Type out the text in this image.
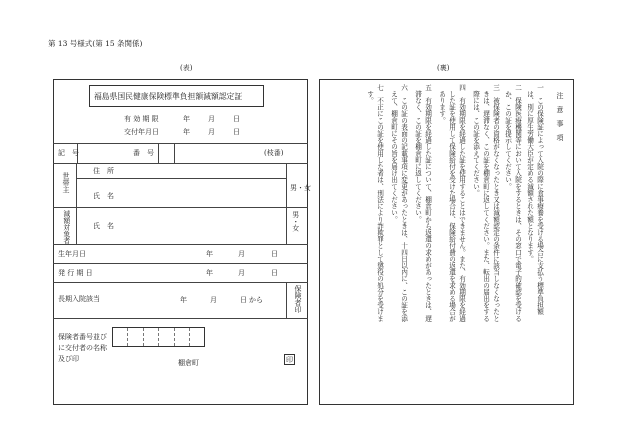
第 13 号様式(第 15 条関係)
(表)	(裏)
福島県国民健康保険標準負担額減額認定証
有 効 期 限	年	月	日
交付年月日	年	月	日
記　号	番　号	(枝番)
世帯主
住　所
氏　名
男・女
減額対象者	氏　名	男・女
生年月日	年	月	日
発 行 期 日	年	月	日
長期入院該当	年	月	日 から	保険者印
保険者番号並びに交付者の名称及び印
棚倉町	印
注　意　事　項
一　この保険証によって入院の際に食事療養を受ける場合に支払う標準負担額
　は、別に厚生労働大臣が定める減額された額となります。
二　保険医療機関等において入院をするときは、その窓口で電子的確認を受ける
　か、この証を提示してください。
三　被保険者の資格がなくなったとき又は減額認定の条件に該当しなくなったと
　きは、遅滞なく、この証を棚倉町に返してください。また、転出の届出をする
　際には、この証を添えてください。
四　有効期限を経過した証を使用することはできません。また、有効期限を経過
　した証を使用して保険給付を受けた場合は、保険給付費の返還を求める場合が
　あります。
五　有効期限を経過した証について、棚倉町から返還の求めがあったときは、遅
　滞なく、この証を棚倉町に返してください。
六　この証の表面の記載事項に変更があったときは、十四日以内に、この証を添
　えて、棚倉町にその旨を届け出てください。
七　不正にこの証を使用した者は、刑法により詐欺罪として懲役の処分を受けま
　す。
